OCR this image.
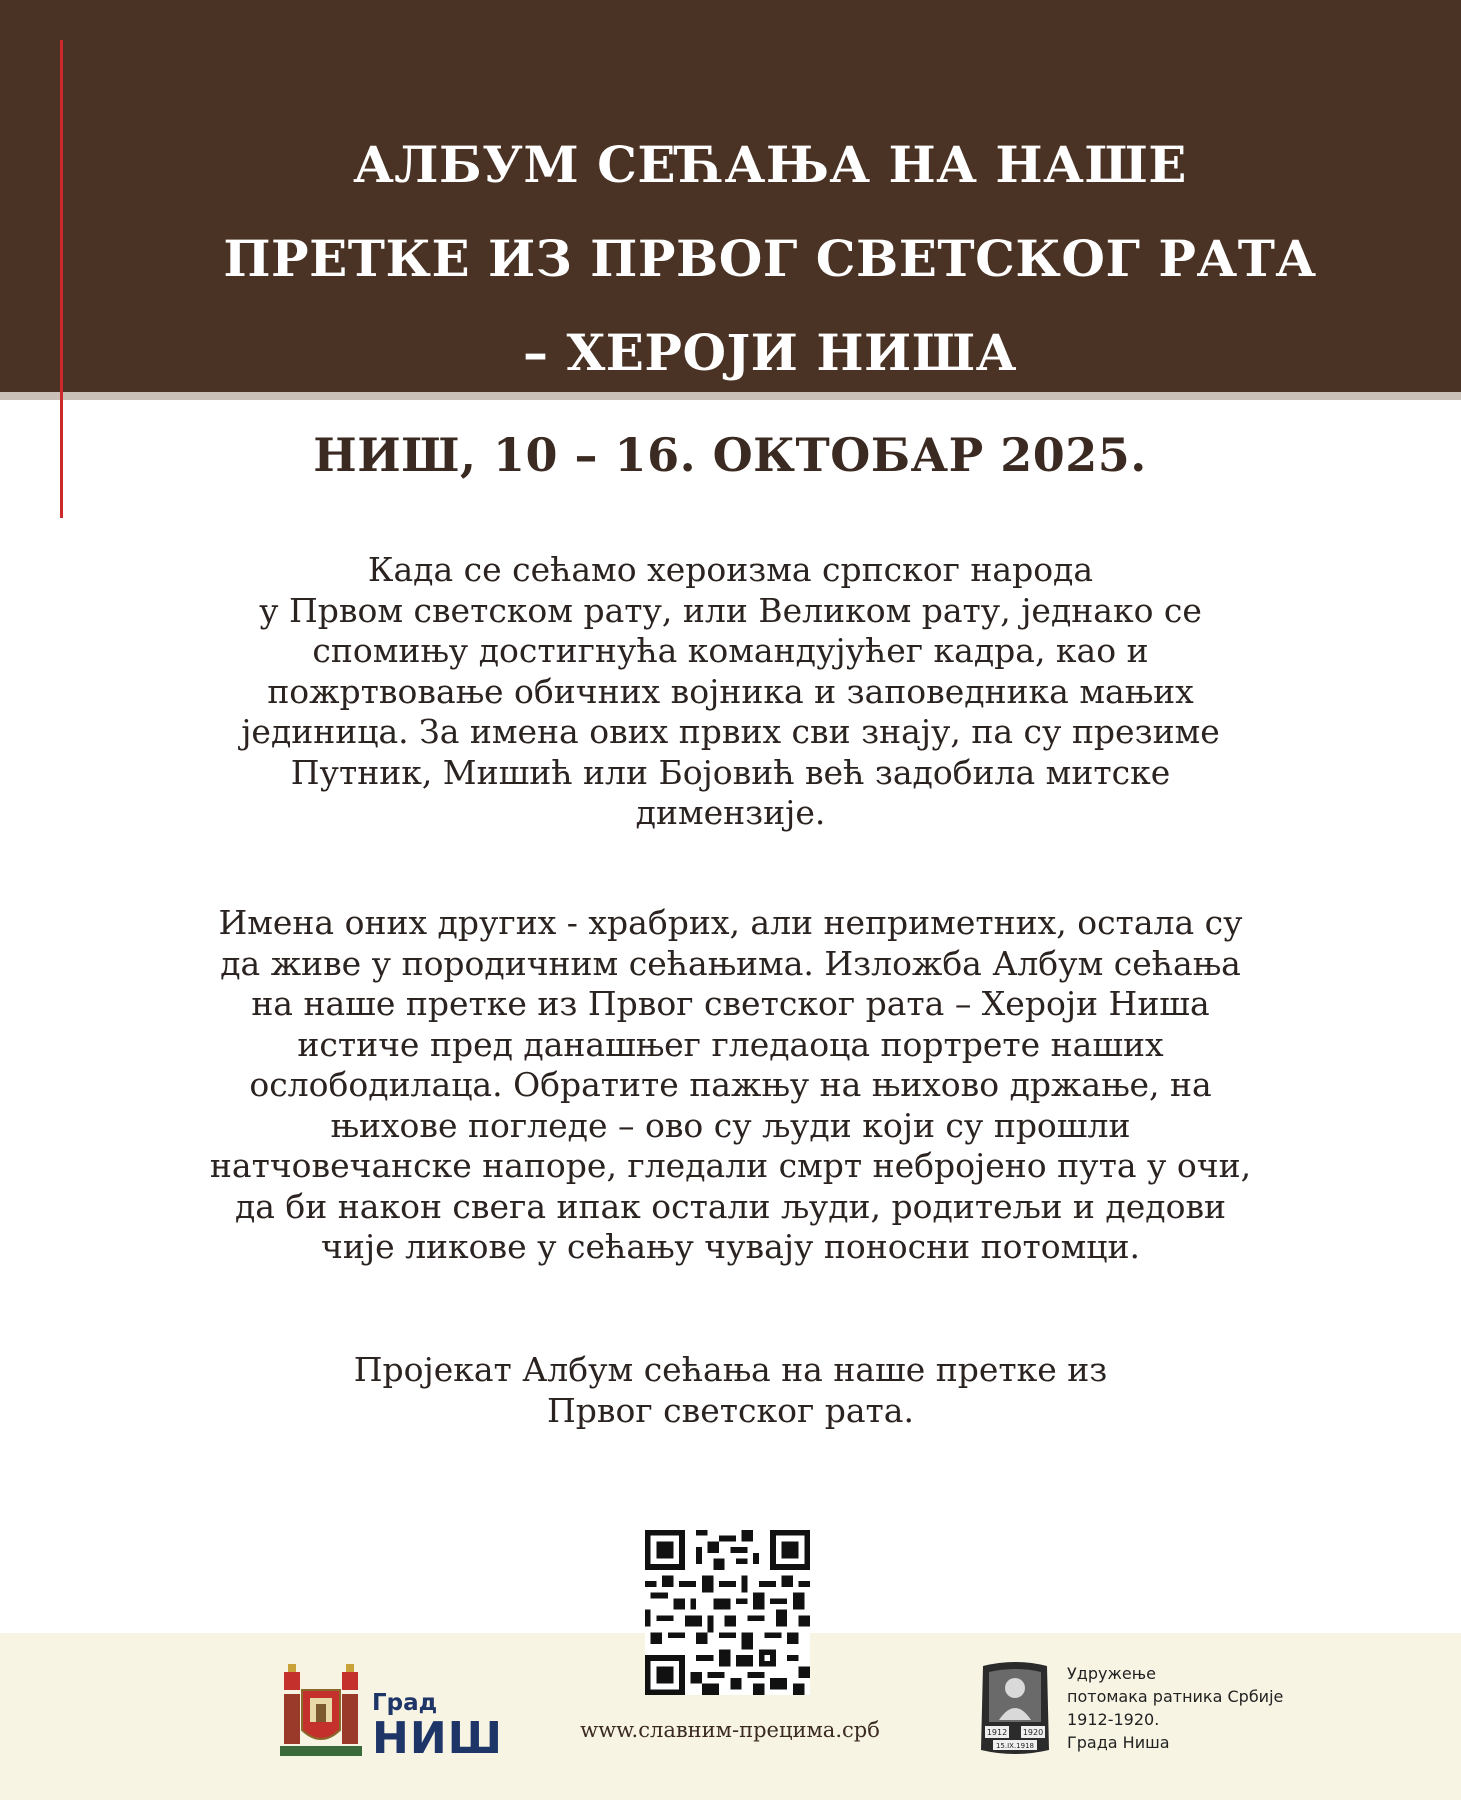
АЛБУМ СЕЋАЊА НА НАШЕ
ПРЕТКЕ ИЗ ПРВОГ СВЕТСКОГ РАТА
– ХЕРОЈИ НИША
НИШ, 10 – 16. ОКТОБАР 2025.
Када се сећамо хероизма српског народа
у Првом светском рату, или Великом рату, једнако се
спомињу достигнућа командујућег кадра, као и
пожртвовање обичних војника и заповедника мањих
јединица. За имена ових првих сви знају, па су презиме
Путник, Мишић или Бојовић већ задобила митске
димензије.
Имена оних других - храбрих, али неприметних, остала су
да живе у породичним сећањима. Изложба Албум сећања
на наше претке из Првог светског рата – Хероји Ниша
истиче пред данашњег гледаоца портрете наших
ослободилаца. Обратите пажњу на њихово држање, на
њихове погледе – ово су људи који су прошли
натчовечанске напоре, гледали смрт небројено пута у очи,
да би након свега ипак остали људи, родитељи и дедови
чије ликове у сећању чувају поносни потомци.
Пројекат Албум сећања на наше претке из
Првог светског рата.
www.славним-прецима.срб
Град
НИШ	1912 1920
15.IX.1918
Удружење
потомака ратника Србије
1912-1920.
Града Ниша
